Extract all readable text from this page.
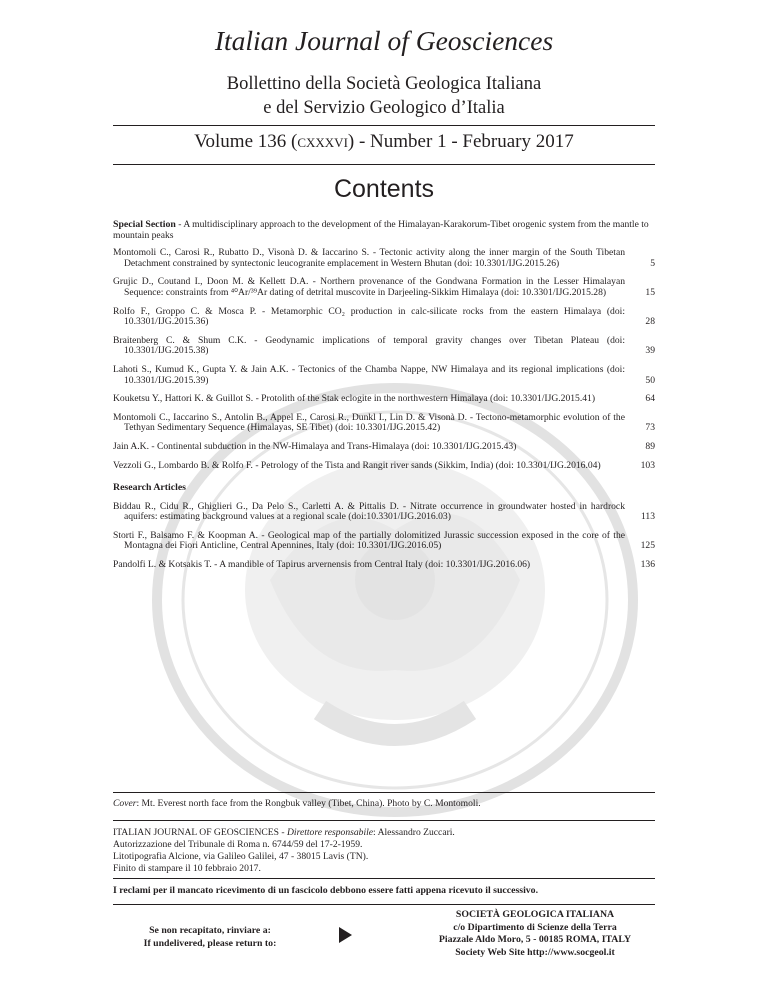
Italian Journal of Geosciences
Bollettino della Società Geologica Italiana
e del Servizio Geologico d’Italia
Volume 136 (cxxxvi) - Number 1 - February 2017
Contents
Special Section - A multidisciplinary approach to the development of the Himalayan-Karakorum-Tibet orogenic system from the mantle to mountain peaks
Montomoli C., Carosi R., Rubatto D., Visonà D. & Iaccarino S. - Tectonic activity along the inner margin of the South Tibetan Detachment constrained by syntectonic leucogranite emplacement in Western Bhutan (doi: 10.3301/IJG.2015.26)	5
Grujic D., Coutand I., Doon M. & Kellett D.A. - Northern provenance of the Gondwana Formation in the Lesser Himalayan Sequence: constraints from ⁴⁰Ar/³⁹Ar dating of detrital muscovite in Darjeeling-Sikkim Himalaya (doi: 10.3301/IJG.2015.28)	15
Rolfo F., Groppo C. & Mosca P. - Metamorphic CO₂ production in calc-silicate rocks from the eastern Himalaya (doi: 10.3301/IJG.2015.36)	28
Braitenberg C. & Shum C.K. - Geodynamic implications of temporal gravity changes over Tibetan Plateau (doi: 10.3301/IJG.2015.38)	39
Lahoti S., Kumud K., Gupta Y. & Jain A.K. - Tectonics of the Chamba Nappe, NW Himalaya and its regional implications (doi: 10.3301/IJG.2015.39)	50
Kouketsu Y., Hattori K. & Guillot S. - Protolith of the Stak eclogite in the northwestern Himalaya (doi: 10.3301/IJG.2015.41)	64
Montomoli C., Iaccarino S., Antolin B., Appel E., Carosi R., Dunkl I., Lin D. & Visonà D. - Tectono-metamorphic evolution of the Tethyan Sedimentary Sequence (Himalayas, SE Tibet) (doi: 10.3301/IJG.2015.42)	73
Jain A.K. - Continental subduction in the NW-Himalaya and Trans-Himalaya (doi: 10.3301/IJG.2015.43)	89
Vezzoli G., Lombardo B. & Rolfo F. - Petrology of the Tista and Rangit river sands (Sikkim, India) (doi: 10.3301/IJG.2016.04)	103
Research Articles
Biddau R., Cidu R., Ghiglieri G., Da Pelo S., Carletti A. & Pittalis D. - Nitrate occurrence in groundwater hosted in hardrock aquifers: estimating background values at a regional scale (doi:10.3301/IJG.2016.03)	113
Storti F., Balsamo F. & Koopman A. - Geological map of the partially dolomitized Jurassic succession exposed in the core of the Montagna dei Fiori Anticline, Central Apennines, Italy (doi: 10.3301/IJG.2016.05)	125
Pandolfi L. & Kotsakis T. - A mandible of Tapirus arvernensis from Central Italy (doi: 10.3301/IJG.2016.06)	136
Cover: Mt. Everest north face from the Rongbuk valley (Tibet, China). Photo by C. Montomoli.
ITALIAN JOURNAL OF GEOSCIENCES - Direttore responsabile: Alessandro Zuccari.
Autorizzazione del Tribunale di Roma n. 6744/59 del 17-2-1959.
Litotipografia Alcione, via Galileo Galilei, 47 - 38015 Lavis (TN).
Finito di stampare il 10 febbraio 2017.
I reclami per il mancato ricevimento di un fascicolo debbono essere fatti appena ricevuto il successivo.
Se non recapitato, rinviare a:
If undelivered, please return to:
SOCIETÀ GEOLOGICA ITALIANA
c/o Dipartimento di Scienze della Terra
Piazzale Aldo Moro, 5 - 00185 ROMA, ITALY
Society Web Site http://www.socgeol.it
